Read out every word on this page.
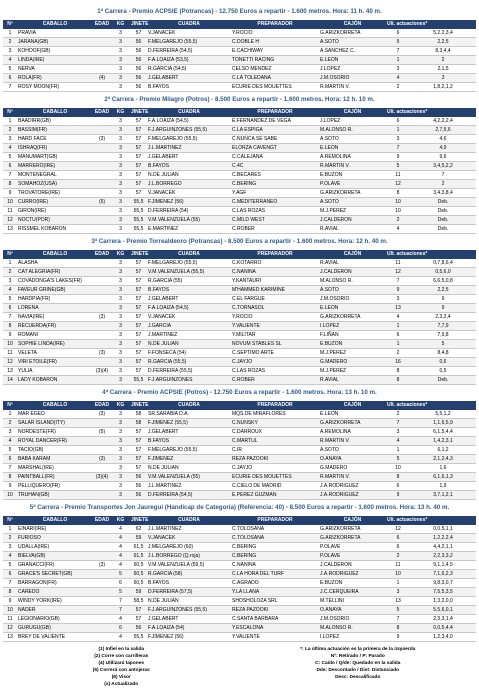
1ª Carrera - Premio ACPSIE (Potrancas) - 12.750 Euros a repartir - 1.600 metros. Hora: 11 h. 40 m.
Nº	CABALLO	EDAD	KG	JINETE	CUADRA	PREPARADOR	CAJÓN	Ult. actuaciones*
1	PRAVIA	3	57	V.JANACEK	Y.ROCIO	G.ARIZKORRETA	6	5,2,2,3,4
2	JARANA(GB)	3	56	F.MELGAREJO (55,5)	C.DOBLE H	A.SOTO	5	2,2,5
3	KOHOOF(GB)	3	56	D.FERREIRA (54,5)	E.CACHIWAY	A.SANCHEZ C.	7	8,3,4,4
4	LINDA(IRE)	3	56	F.A.LOAIZA (53,5)	TONETTI RACING	E.LEON	1	2
5	NERVA	3	56	R.GARCIA (54,5)	CELSO MENDEZ	J.LOPEZ	3	2,1,5
6	ROLA(FR)	(4)	3	56	J.GELABERT	C.LA TOLEDANA	J.M.OSORIO	4	3
7	ROSY MOON(FR)	3	56	B.FAYOS	ECURIE DES MOUETTES	R.MARTIN V.	2	1,8,2,1,2
2ª Carrera - Premio Milagro (Potros) - 8.500 Euros a repartir - 1.600 metros. Hora: 12 h. 10 m.
Nº	CABALLO	EDAD	KG	JINETE	CUADRA	PREPARADOR	CAJÓN	Ult. actuaciones*
1	BAADIRR(GB)	3	57	F.A.LOAIZA (54,5)	E.FERNANDEZ DE VEGA	J.LOPEZ	6	4,2,2,2,4
2	BASSIM(FR)	3	57	F.J.ARGUINZONES (55,5)	C.LA ESPIGA	M.ALONSO R.	1	2,7,5,6
3	HARD FACE	(3)	3	57	F.MELGAREJO (55,5)	C.NUNCA SE SABE	A.SOTO	3	4,6
4	ISHRAQ(FR)	3	57	J.L.MARTINEZ	ELORZA CAVENGT	E.LEON	7	4,9
5	MANUMART(GB)	3	57	J.GELABERT	C.CALEJANA	A.REMOLINA	9	9,6
6	MARRERO(IRE)	3	57	B.FAYOS	C.4C	R.MARTIN V.	5	3,4,5,2,2
7	MONTENEGRAL	3	57	N.DE JULIAN	C.BECARES	E.BUZON	11	7
8	SOMAHOZ(USA)	3	57	J.L.BORREGO	C.BERING	P.OLAVE	12	2
9	TROVATORE(IRE)	3	57	V.JANACEK	Y.AGF	G.ARIZKORRETA	8	3,4,3,8,4
10	CURRO(IRE)	(5)	3	55,5 F.JIMENEZ (56)	C.MEDITERRANEO	A.SOTO	10	Deb.
11	GIRON(IRE)	3	55,5 D.FERREIRA (54)	C.LAS ROZAS	M.J.PEREZ	10	Deb.
12	NOCTU(POR)	3	55,5 V.M.VALENZUELA (55)	C.MILD WEST	J.CALDERON	2	Deb.
13	RISSMEL KOBARON	3	55,5 E.MARTINEZ	C.ROBER	R.AVIAL	4	Deb.
3ª Carrera - Premio Torrealdeoro (Potrancas) - 8.500 Euros a repartir - 1.600 metros. Hora: 12 h. 40 m.
Nº	CABALLO	EDAD	KG	JINETE	CUADRA	PREPARADOR	CAJÓN	Ult. actuaciones*
1	ALASHA	3	57	F.MELGAREJO (55,5)	C.KOTARRO	R.AVIAL	11	0,7,8,6,4
2	CAT ALEGRIA(FR)	3	57	V.M.VALENZUELA (55,5)	C.NANINA	J.CALDERON	12	0,5,6,0
3	COVADONGA'S LAKES(FR)	3	57	R.GARCIA (55)	Y.KANTAURI	M.ALONSO R.	7	6,6,5,0,8
4	FAVEUR GRINE(GB)	3	57	B.FAYOS	M'HAMMED KARIMINE	A.SOTO	9	2,2,5
5	HARDPIA(FR)	3	57	J.GELABERT	C.EL FARGUE	J.M.OSORIO	3	9
6	LORENA	3	57	F.A.LOAIZA (54,5)	C.TORNASOL	E.LEON	13	9
7	NAVIA(IRE)	(3)	3	57	V.JANACEK	Y.ROCIO	G.ARIZKORRETA	4	2,3,2,4
8	RECUERDA(FR)	3	57	J.GARCIA	Y.VALIENTE	I.LOPEZ	1	7,7,9
9	ROMANI	3	57	J.MARTINEZ	Y.MILITAR	F.LIÑAN	6	7,9,8
10	SOPHIE LINDA(IRE)	3	57	N.DE JULIAN	NOVUM STABLES SL	E.BUZON	1	5
11	VELETA	(3)	3	57	F.FONSECA (54)	C.SEPTIMO ARTE	M.J.PEREZ	2	8,4,8
12	VIRI ETOILE(FR)	3	57	R.GARCIA (55,5)	C.JAYJO	G.MADERO	16	0,6
13	YULIA	(3)(4)	3	57	D.FERREIRA (55,5)	C.LAS ROZAS	M.J.PEREZ	8	0,5
14	LADY KOBARON	3	55,5 F.J.ARGUINZONES	C.ROBER	R.AVIAL	8	Deb.
4ª Carrera - Premio ACPSIE (Potros) - 12.750 Euros a repartir - 1.600 metros. Hora: 13 h. 10 m.
Nº	CABALLO	EDAD	KG	JINETE	CUADRA	PREPARADOR	CAJÓN	Ult. actuaciones*
1	MAR EGEO	(3)	3	58	SR.SARABIA D.A.	MQS.DE MIRAFLORES	E.LEON	2	5,5,1,2
2	SALAR ISLAND(ITY)	3	58	F.JIMENEZ (55,5)	C.NUNSKY	G.ARIZKORRETA	7	1,1,6,5,9
3	NORDESTE(FR)	(5)	3	57	J.GELABERT	C.DARROUX	A.REMOLINA	3	6,1,5,4,4
4	ROYAL DANCER(FR)	3	57	B.FAYOS	C.MARTUL	R.MARTIN V.	4	1,4,2,3,1
5	TACIO(GB)	3	57	F.MELGAREJO (55,5)	C.IR	A.SOTO	1	6,1,2
6	BABA KARAM	(3)	3	57	F.JIMENEZ	REZA PAZOOKI	O.ANAYA	5	2,1,2,4,3
7	MARSHAL(IRE)	3	57	N.DE JULIAN	C.JAYJO	G.MADERO	10	1,6
8	PAINTBALL(FR)	(3)(4)	3	56	V.M.VALENZUELA (55)	ECURIE DES MOUETTES	R.MARTIN V.	8	6,1,6,1,3
9	PELLIQUERO(FR)	3	56	J.L.MARTINEZ	C.CIELO DE MADRID	J.A.RODRIGUEZ	6	1,9
10	TRUHAN(GB)	3	56	D.FERREIRA (54,5)	E.PEREZ GUZMAN	J.A.RODRIGUEZ	9	3,7,1,2,1
5ª Carrera - Premio Transportes Jon Jauregui (Handicap de Categoría) (Referencia: 40) - 8.500 Euros a repartir - 1.600 metros. Hora: 13 h. 40 m.
Nº	CABALLO	EDAD	KG	JINETE	CUADRA	PREPARADOR	CAJÓN	Ult. actuaciones*
1	EINARI(IRE)	4	62	J.L.MARTINEZ	C.TOLOSANA	G.ARIZKORRETA	12	0,0,5,1,1
2	FURIOSO	4	59	V.JANACEK	C.TOLOSANA	G.ARIZKORRETA	6	1,2,2,2,4
3	UDALLA(IRE)	4	61,5 J.MELGAREJO (60)	C.BERING	P.OLAVE	6	4,4,2,1,1
4	BIELVA(GB)	4	61,5 J.L.BORREGO (Q.roja)	C.BERING	P.OLAVE	2	2,2,3,3,2
5	GRANACCI(FR)	(3)	4	60,5 V.M.VALENZUELA (59,5)	C.NANINA	J.CALDERON	11	9,1,1,4,5
6	GRACE'S SECRET(GB)	5	60,5 R.GARCIA (58)	C.LA HORA DEL TURF	J.A.RODRIGUEZ	10	7,1,6,2,3
7	BARRAGON(FR)	6	60,5 B.FAYOS	C.AGRADO	E.BUZON	1	9,8,3,0,7
8	CAREDO	5	59	D.FERREIRA (57,5)	Y.LA LLANA	J.C.CERQUEIRA	3	7,5,5,3,5
9	WINDY YORK(IRE)	7	58,5 N.DE JULIAN	SHOSHOLOZA SRL	M.TELLINI	13	1,3,2,0,0
10	NADER	7	57	F.J.ARGUINZONES (55,5)	REZA PAZOOKI	O.ANAYA	5	5,5,6,0,1
11	LEGIONARIO(GB)	4	57	J.GELABERT	C.SANTA BARBARA	J.M.OSORIO	7	2,3,3,1,4
12	GURUGU(GB)	6	56	F.A.LOAIZA (54)	Y.ESCALONA	M.ALONSO R.	8	0,0,5,4,4
13	BREY DE VALIENTE	4	55,5 F.JIMENEZ (56)	Y.VALIENTE	I.LOPEZ	9	1,2,3,4,0
(1) Infiel en la salida
(2) Corre con carrilleras
(4) Utilizará tapones
(5) Correrá con antojeras
(6) Visor
(x) Actualizado
*: La última actuación es la primera de la izquierda
Nº: Retirado / P: Parado
C: Caído / Q/de: Quedado en la salida
Dde: Descontado / Dist: Distanciado
Desc: Descalificado
